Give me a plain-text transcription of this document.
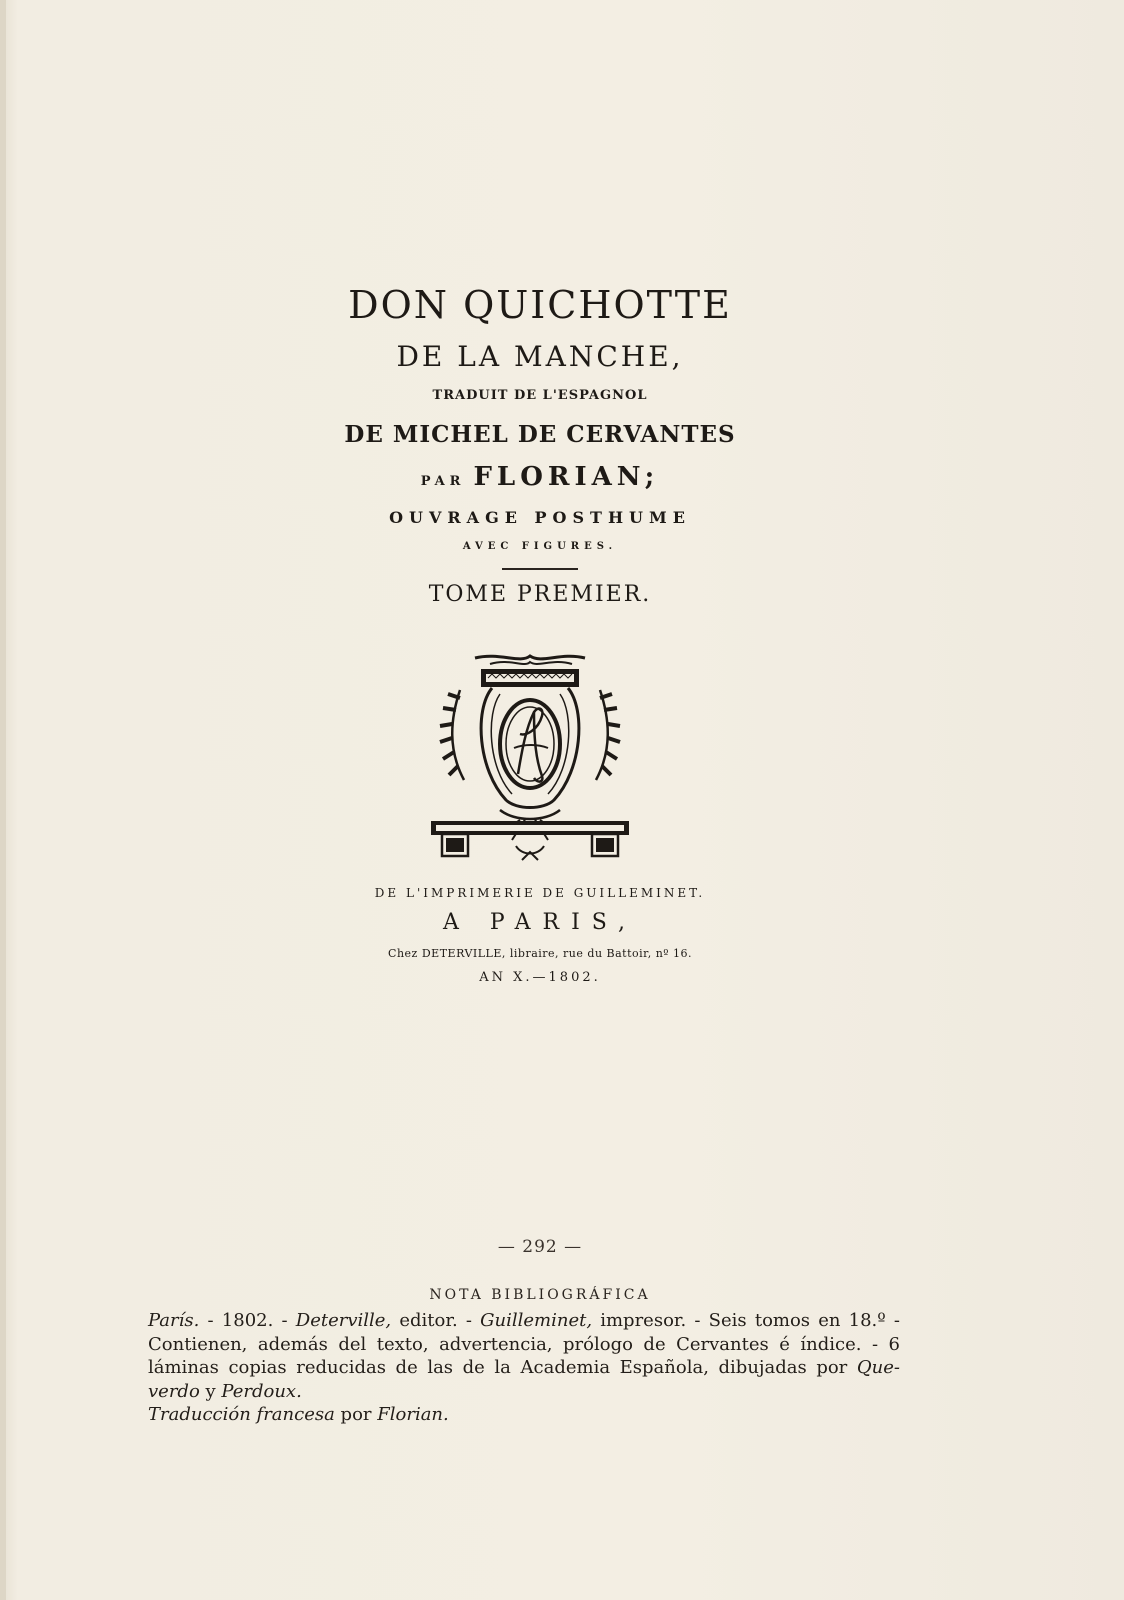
DON QUICHOTTE
DE LA MANCHE,
TRADUIT DE L'ESPAGNOL
DE MICHEL DE CERVANTES
PAR FLORIAN;
OUVRAGE POSTHUME
AVEC FIGURES.
TOME PREMIER.
DE L'IMPRIMERIE DE GUILLEMINET.
A PARIS,
Chez DETERVILLE, libraire, rue du Battoir, nº 16.
AN X.—1802.
— 292 —
NOTA BIBLIOGRÁFICA

París. - 1802. - Deterville, editor. - Guilleminet, impresor. - Seis tomos en 18.º - Contienen, además del texto, advertencia, prólogo de Cervantes é índice. - 6 láminas copias reducidas de las de la Academia Española, dibujadas por Que-verdo y Perdoux.

Traducción francesa por Florian.
